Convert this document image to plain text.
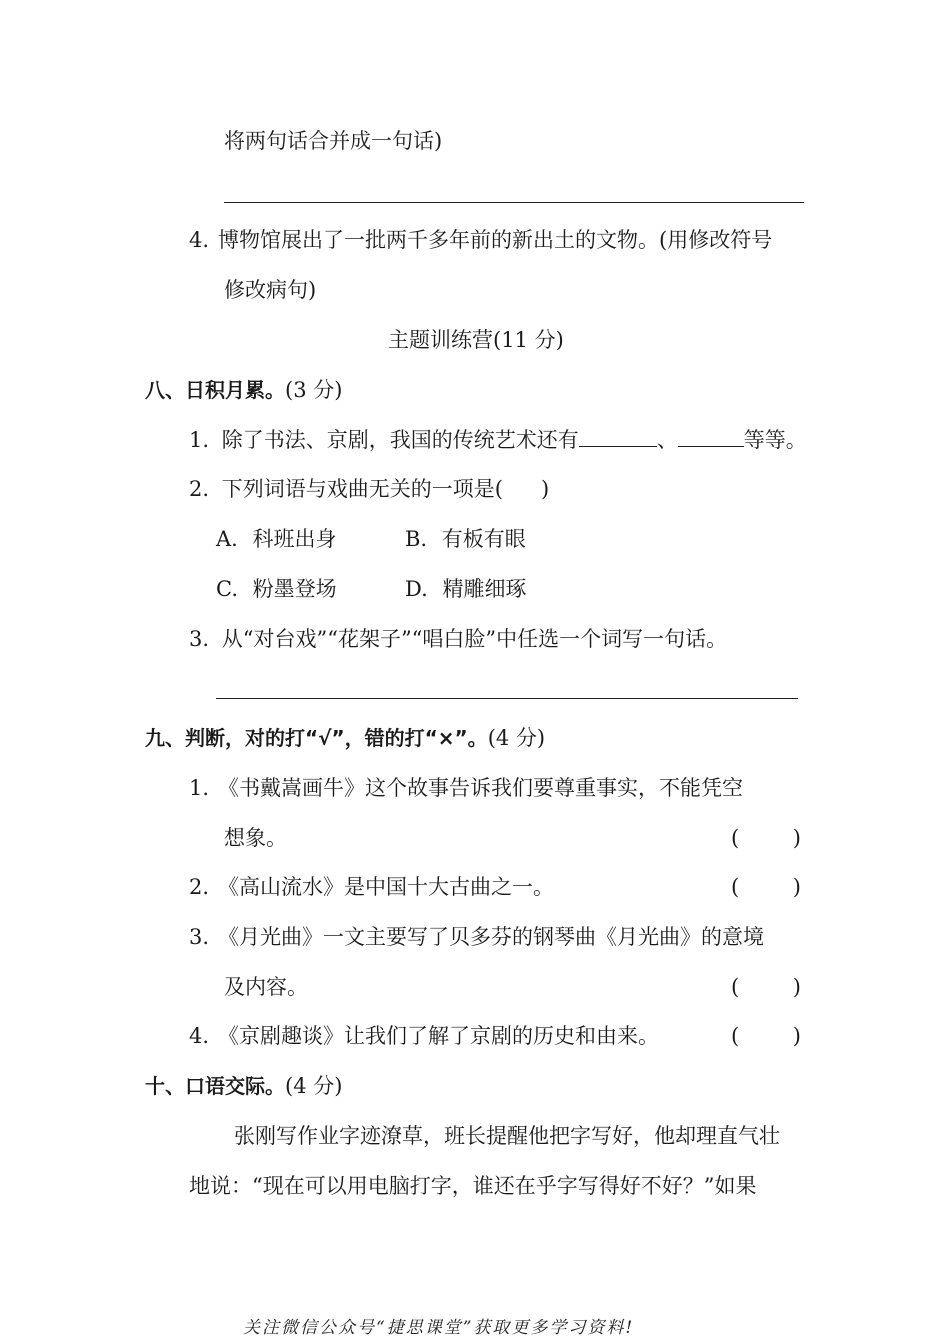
将两句话合并成一句话)
4. 博物馆展出了一批两千多年前的新出土的文物。(用修改符号
修改病句)
主题训练营(11 分)
八、日积月累。(3 分)
1. 除了书法、京剧，我国的传统艺术还有	、	等等。
2. 下列词语与戏曲无关的一项是( )
A. 科班出身	B. 有板有眼
C. 粉墨登场	D. 精雕细琢
3. 从“对台戏”“花架子”“唱白脸”中任选一个词写一句话。
九、判断，对的打“√”，错的打“×”。(4 分)
1. 《书戴嵩画牛》这个故事告诉我们要尊重事实，不能凭空
想象。	(	)
2. 《高山流水》是中国十大古曲之一。	(	)
3. 《月光曲》一文主要写了贝多芬的钢琴曲《月光曲》的意境
及内容。	(	)
4. 《京剧趣谈》让我们了解了京剧的历史和由来。	(	)
十、口语交际。(4 分)
张刚写作业字迹潦草，班长提醒他把字写好，他却理直气壮
地说：“现在可以用电脑打字，谁还在乎字写得好不好？”如果
关注微信公众号“捷思课堂”获取更多学习资料!
